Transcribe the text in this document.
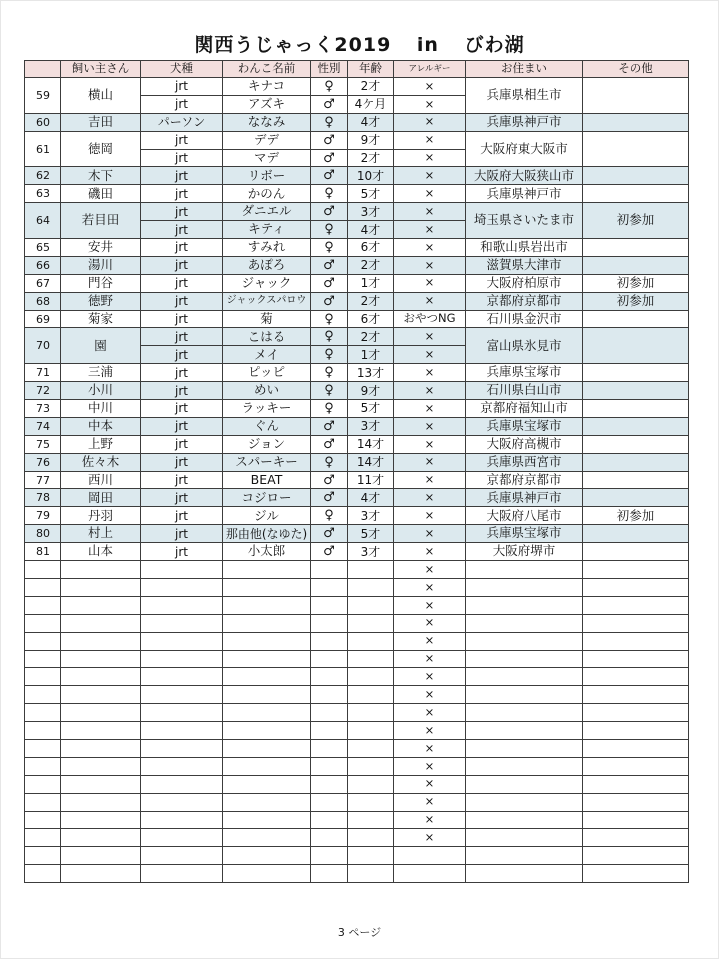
関西うじゃっく2019 in びわ湖
	飼い主さん	犬種	わんこ名前	性別	年齢	アレルギー	お住まい	その他
59	横山	jrt	キナコ	♀	2才	×	兵庫県相生市	
		jrt	アズキ	♂	4ケ月	×		
60	吉田	パーソン	ななみ	♀	4才	×	兵庫県神戸市	
61	徳岡	jrt	デデ	♂	9才	×	大阪府東大阪市	
		jrt	マデ	♂	2才	×		
62	木下	jrt	リボー	♂	10才	×	大阪府大阪狭山市	
63	磯田	jrt	かのん	♀	5才	×	兵庫県神戸市	
64	若目田	jrt	ダニエル	♂	3才	×	埼玉県さいたま市	初参加
		jrt	キティ	♀	4才	×		
65	安井	jrt	すみれ	♀	6才	×	和歌山県岩出市	
66	湯川	jrt	あぽろ	♂	2才	×	滋賀県大津市	
67	門谷	jrt	ジャック	♂	1才	×	大阪府柏原市	初参加
68	徳野	jrt	ジャックスパロウ	♂	2才	×	京都府京都市	初参加
69	菊家	jrt	菊	♀	6才	おやつNG	石川県金沢市	
70	園	jrt	こはる	♀	2才	×	富山県氷見市	
		jrt	メイ	♀	1才	×		
71	三浦	jrt	ピッピ	♀	13才	×	兵庫県宝塚市	
72	小川	jrt	めい	♀	9才	×	石川県白山市	
73	中川	jrt	ラッキー	♀	5才	×	京都府福知山市	
74	中本	jrt	ぐん	♂	3才	×	兵庫県宝塚市	
75	上野	jrt	ジョン	♂	14才	×	大阪府高槻市	
76	佐々木	jrt	スパーキー	♀	14才	×	兵庫県西宮市	
77	西川	jrt	BEAT	♂	11才	×	京都府京都市	
78	岡田	jrt	コジロー	♂	4才	×	兵庫県神戸市	
79	丹羽	jrt	ジル	♀	3才	×	大阪府八尾市	初参加
80	村上	jrt	那由他(なゆた)	♂	5才	×	兵庫県宝塚市	
81	山本	jrt	小太郎	♂	3才	×	大阪府堺市	
						×		
						×		
						×		
						×		
						×		
						×		
						×		
						×		
						×		
						×		
						×		
						×		
						×		
						×		
						×		
						×		

3 ページ
